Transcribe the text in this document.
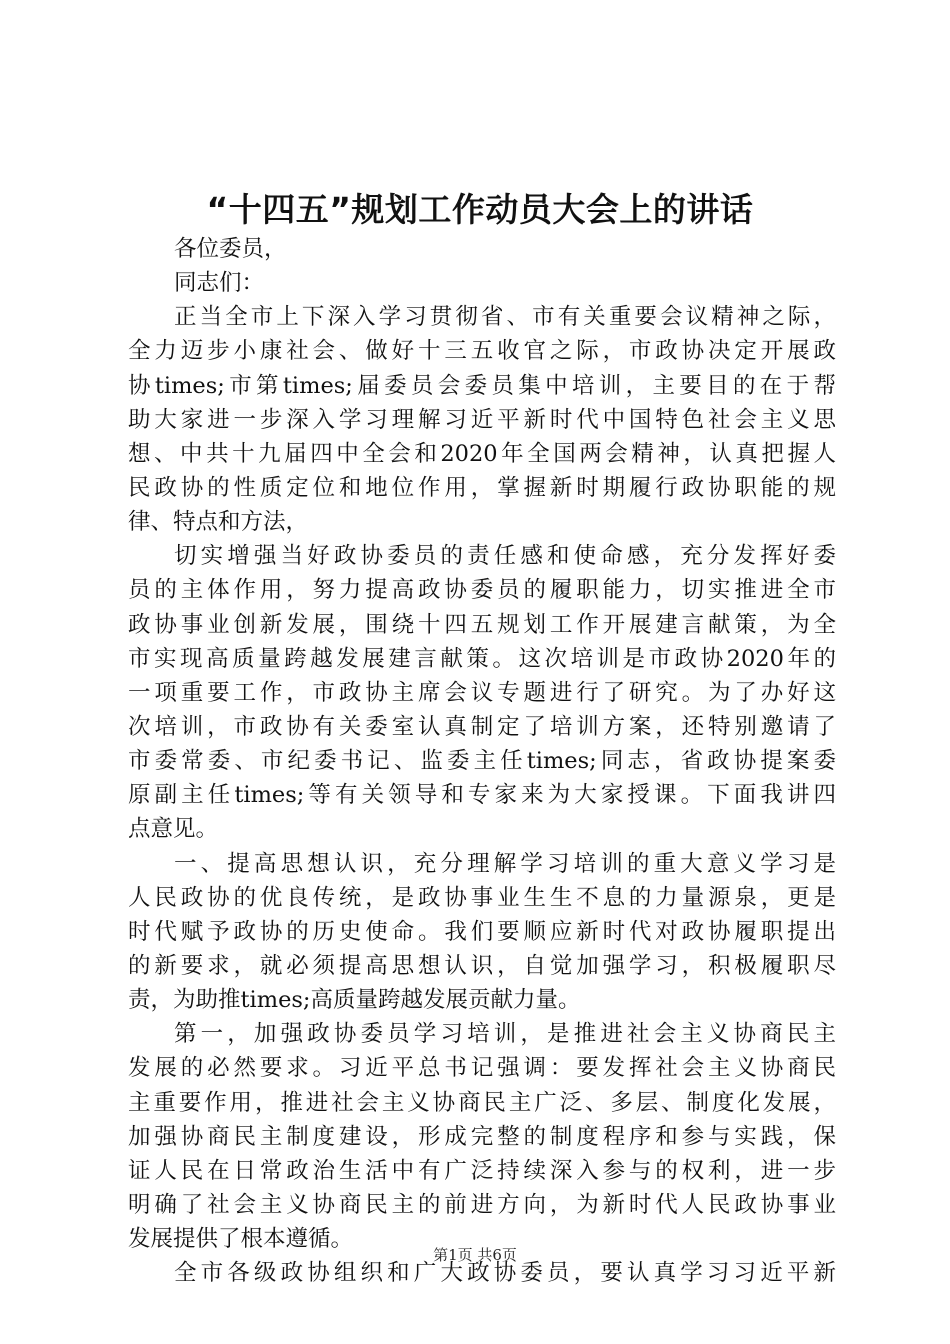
“十四五”规划工作动员大会上的讲话
各位委员，
同志们：
正当全市上下深入学习贯彻省、市有关重要会议精神之际，
全力迈步小康社会、做好十三五收官之际，市政协决定开展政
协times;市第times;届委员会委员集中培训，主要目的在于帮
助大家进一步深入学习理解习近平新时代中国特色社会主义思
想、中共十九届四中全会和2020年全国两会精神，认真把握人
民政协的性质定位和地位作用，掌握新时期履行政协职能的规
律、特点和方法，
切实增强当好政协委员的责任感和使命感，充分发挥好委
员的主体作用，努力提高政协委员的履职能力，切实推进全市
政协事业创新发展，围绕十四五规划工作开展建言献策，为全
市实现高质量跨越发展建言献策。这次培训是市政协2020年的
一项重要工作，市政协主席会议专题进行了研究。为了办好这
次培训，市政协有关委室认真制定了培训方案，还特别邀请了
市委常委、市纪委书记、监委主任times;同志，省政协提案委
原副主任times;等有关领导和专家来为大家授课。下面我讲四
点意见。
一、提高思想认识，充分理解学习培训的重大意义学习是
人民政协的优良传统，是政协事业生生不息的力量源泉，更是
时代赋予政协的历史使命。我们要顺应新时代对政协履职提出
的新要求，就必须提高思想认识，自觉加强学习，积极履职尽
责，为助推times;高质量跨越发展贡献力量。
第一，加强政协委员学习培训，是推进社会主义协商民主
发展的必然要求。习近平总书记强调：要发挥社会主义协商民
主重要作用，推进社会主义协商民主广泛、多层、制度化发展，
加强协商民主制度建设，形成完整的制度程序和参与实践，保
证人民在日常政治生活中有广泛持续深入参与的权利，进一步
明确了社会主义协商民主的前进方向，为新时代人民政协事业
发展提供了根本遵循。
全市各级政协组织和广大政协委员，要认真学习习近平新
第1页 共6页
